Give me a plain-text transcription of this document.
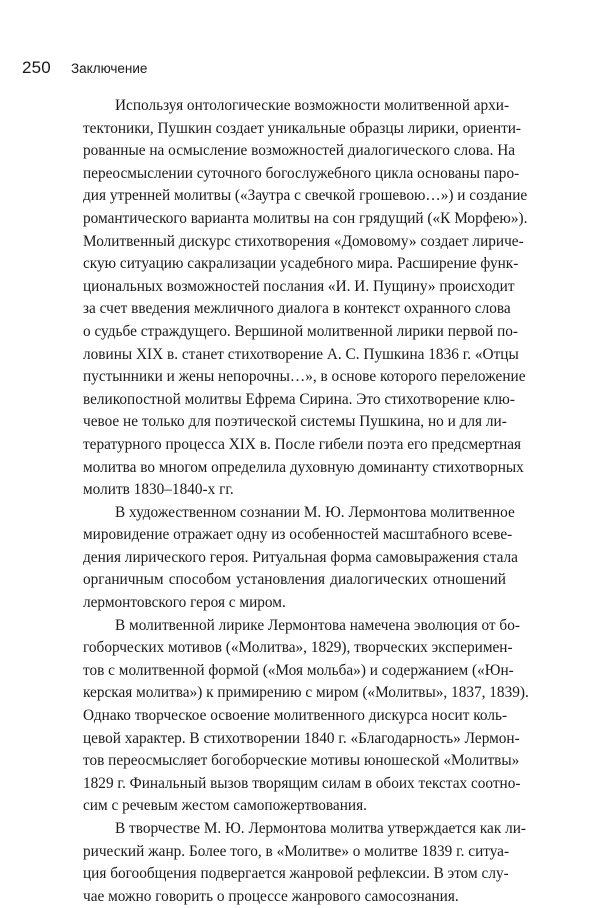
250 Заключение
Используя онтологические возможности молитвенной архи-
тектоники, Пушкин создает уникальные образцы лирики, ориенти-
рованные на осмысление возможностей диалогического слова. На
переосмыслении суточного богослужебного цикла основаны паро-
дия утренней молитвы («Заутра с свечкой грошевою…») и создание
романтического варианта молитвы на сон грядущий («К Морфею»).
Молитвенный дискурс стихотворения «Домовому» создает лириче-
скую ситуацию сакрализации усадебного мира. Расширение функ-
циональных возможностей послания «И. И. Пущину» происходит
за счет введения межличного диалога в контекст охранного слова
о судьбе страждущего. Вершиной молитвенной лирики первой по-
ловины XIX в. станет стихотворение А. С. Пушкина 1836 г. «Отцы
пустынники и жены непорочны…», в основе которого переложение
великопостной молитвы Ефрема Сирина. Это стихотворение клю-
чевое не только для поэтической системы Пушкина, но и для ли-
тературного процесса XIX в. После гибели поэта его предсмертная
молитва во многом определила духовную доминанту стихотворных
молитв 1830–1840-х гг.
В художественном сознании М. Ю. Лермонтова молитвенное
мировидение отражает одну из особенностей масштабного всеве-
дения лирического героя. Ритуальная форма самовыражения стала
органичным способом установления диалогических отношений
лермонтовского героя с миром.
В молитвенной лирике Лермонтова намечена эволюция от бо-
гоборческих мотивов («Молитва», 1829), творческих эксперимен-
тов с молитвенной формой («Моя мольба») и содержанием («Юн-
керская молитва») к примирению с миром («Молитвы», 1837, 1839).
Однако творческое освоение молитвенного дискурса носит коль-
цевой характер. В стихотворении 1840 г. «Благодарность» Лермон-
тов переосмысляет богоборческие мотивы юношеской «Молитвы»
1829 г. Финальный вызов творящим силам в обоих текстах соотно-
сим с речевым жестом самопожертвования.
В творчестве М. Ю. Лермонтова молитва утверждается как ли-
рический жанр. Более того, в «Молитве» о молитве 1839 г. ситуа-
ция богообщения подвергается жанровой рефлексии. В этом слу-
чае можно говорить о процессе жанрового самосознания.
